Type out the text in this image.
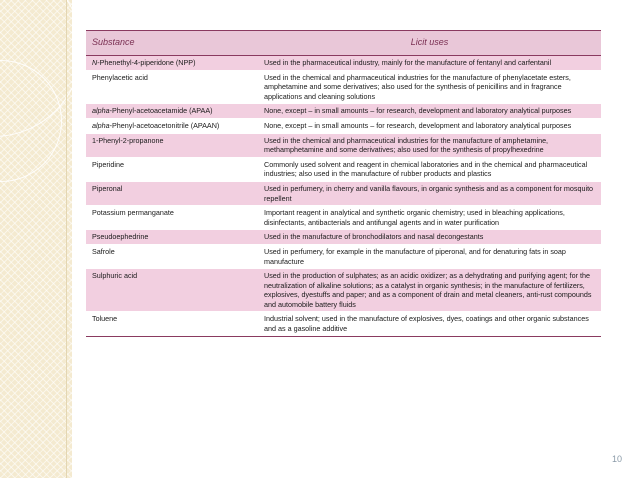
Substance	Licit uses
N-Phenethyl-4-piperidone (NPP)	Used in the pharmaceutical industry, mainly for the manufacture of fentanyl and carfentanil
Phenylacetic acid	Used in the chemical and pharmaceutical industries for the manufacture of phenylacetate esters, amphetamine and some derivatives; also used for the synthesis of penicillins and in fragrance applications and cleaning solutions
alpha-Phenyl-acetoacetamide (APAA)	None, except – in small amounts – for research, development and laboratory analytical purposes
alpha-Phenyl-acetoacetonitrile (APAAN)	None, except – in small amounts – for research, development and laboratory analytical purposes
1-Phenyl-2-propanone	Used in the chemical and pharmaceutical industries for the manufacture of amphetamine, methamphetamine and some derivatives; also used for the synthesis of propylhexedrine
Piperidine	Commonly used solvent and reagent in chemical laboratories and in the chemical and pharmaceutical industries; also used in the manufacture of rubber products and plastics
Piperonal	Used in perfumery, in cherry and vanilla flavours, in organic synthesis and as a component for mosquito repellent
Potassium permanganate	Important reagent in analytical and synthetic organic chemistry; used in bleaching applications, disinfectants, antibacterials and antifungal agents and in water purification
Pseudoephedrine	Used in the manufacture of bronchodilators and nasal decongestants
Safrole	Used in perfumery, for example in the manufacture of piperonal, and for denaturing fats in soap manufacture
Sulphuric acid	Used in the production of sulphates; as an acidic oxidizer; as a dehydrating and purifying agent; for the neutralization of alkaline solutions; as a catalyst in organic synthesis; in the manufacture of fertilizers, explosives, dyestuffs and paper; and as a component of drain and metal cleaners, anti-rust compounds and automobile battery fluids
Toluene	Industrial solvent; used in the manufacture of explosives, dyes, coatings and other organic substances and as a gasoline additive
10
